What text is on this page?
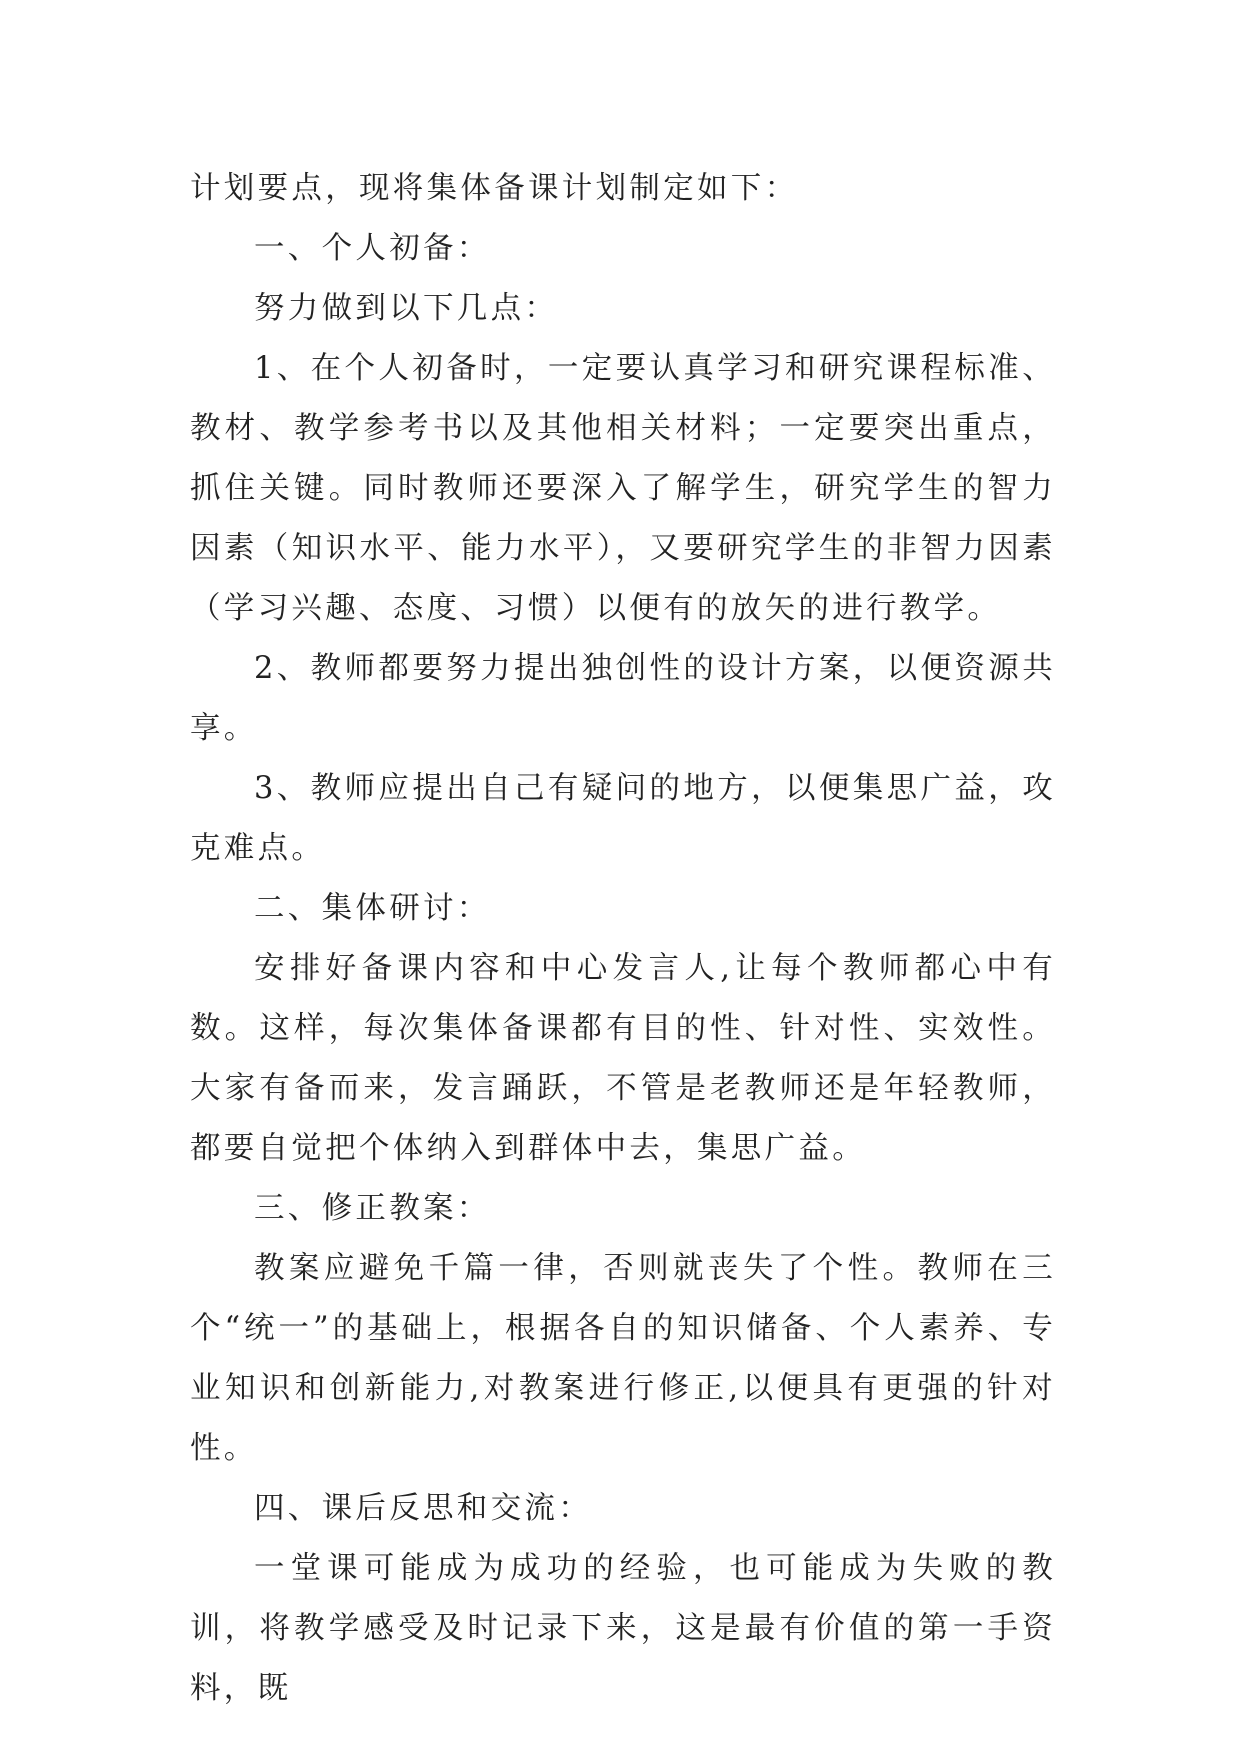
计划要点，现将集体备课计划制定如下：

一、个人初备：

努力做到以下几点：

1、在个人初备时，一定要认真学习和研究课程标准、教材、教学参考书以及其他相关材料；一定要突出重点，抓住关键。同时教师还要深入了解学生，研究学生的智力因素（知识水平、能力水平），又要研究学生的非智力因素（学习兴趣、态度、习惯）以便有的放矢的进行教学。

2、教师都要努力提出独创性的设计方案，以便资源共享。

3、教师应提出自己有疑问的地方，以便集思广益，攻克难点。

二、集体研讨：

安排好备课内容和中心发言人,让每个教师都心中有数。这样，每次集体备课都有目的性、针对性、实效性。大家有备而来，发言踊跃，不管是老教师还是年轻教师，都要自觉把个体纳入到群体中去，集思广益。

三、修正教案：

教案应避免千篇一律，否则就丧失了个性。教师在三个“统一”的基础上，根据各自的知识储备、个人素养、专业知识和创新能力,对教案进行修正,以便具有更强的针对性。

四、课后反思和交流：

一堂课可能成为成功的经验，也可能成为失败的教训，将教学感受及时记录下来，这是最有价值的第一手资料，既
